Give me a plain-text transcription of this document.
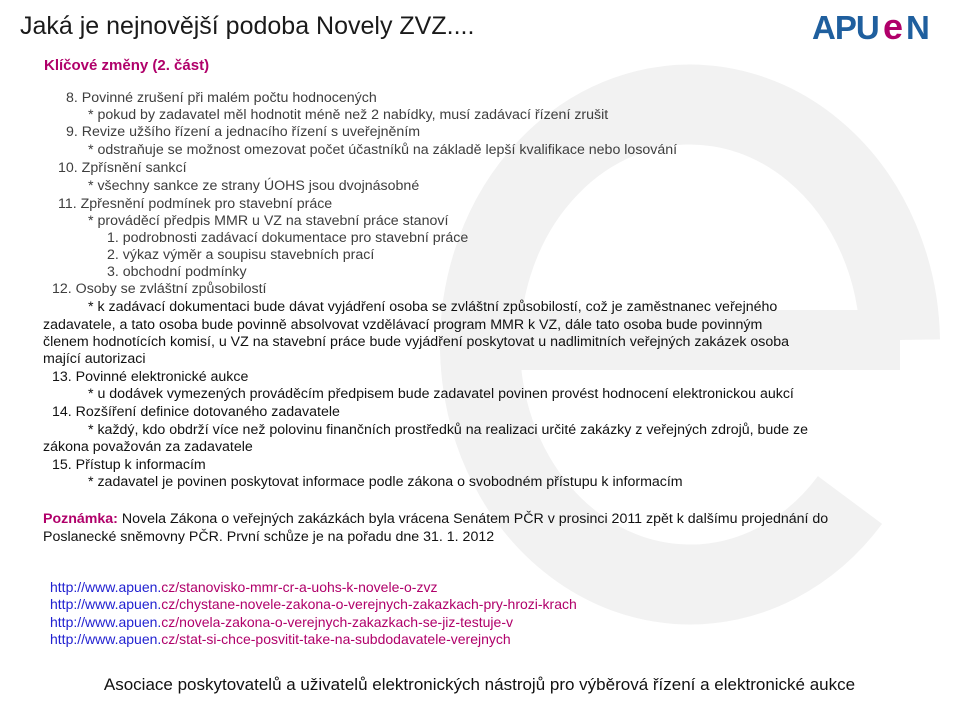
Jaká je nejnovější podoba Novely ZVZ....	APU e N
Klíčové změny (2. část)
8. Povinné zrušení při malém počtu hodnocených
* pokud by zadavatel měl hodnotit méně než 2 nabídky, musí zadávací řízení zrušit
9. Revize užšího řízení a jednacího řízení s uveřejněním
* odstraňuje se možnost omezovat počet účastníků na základě lepší kvalifikace nebo losování
10. Zpřísnění sankcí
* všechny sankce ze strany ÚOHS jsou dvojnásobné
11. Zpřesnění podmínek pro stavební práce
* prováděcí předpis MMR u VZ na stavební práce stanoví
1. podrobnosti zadávací dokumentace pro stavební práce
2. výkaz výměr a soupisu stavebních prací
3. obchodní podmínky
12. Osoby se zvláštní způsobilostí
* k zadávací dokumentaci bude dávat vyjádření osoba se zvláštní způsobilostí, což je zaměstnanec veřejného
zadavatele, a tato osoba bude povinně absolvovat vzdělávací program MMR k VZ, dále tato osoba bude povinným
členem hodnotících komisí, u VZ na stavební práce bude vyjádření poskytovat u nadlimitních veřejných zakázek osoba
mající autorizaci
13. Povinné elektronické aukce
* u dodávek vymezených prováděcím předpisem bude zadavatel povinen provést hodnocení elektronickou aukcí
14. Rozšíření definice dotovaného zadavatele
* každý, kdo obdrží více než polovinu finančních prostředků na realizaci určité zakázky z veřejných zdrojů, bude ze
zákona považován za zadavatele
15. Přístup k informacím
* zadavatel je povinen poskytovat informace podle zákona o svobodném přístupu k informacím
Poznámka: Novela Zákona o veřejných zakázkách byla vrácena Senátem PČR v prosinci 2011 zpět k dalšímu projednání do Poslanecké sněmovny PČR. První schůze je na pořadu dne 31. 1. 2012
http://www.apuen.cz/stanovisko-mmr-cr-a-uohs-k-novele-o-zvz
http://www.apuen.cz/chystane-novele-zakona-o-verejnych-zakazkach-pry-hrozi-krach
http://www.apuen.cz/novela-zakona-o-verejnych-zakazkach-se-jiz-testuje-v
http://www.apuen.cz/stat-si-chce-posvitit-take-na-subdodavatele-verejnych
Asociace poskytovatelů a uživatelů elektronických nástrojů pro výběrová řízení a elektronické aukce
